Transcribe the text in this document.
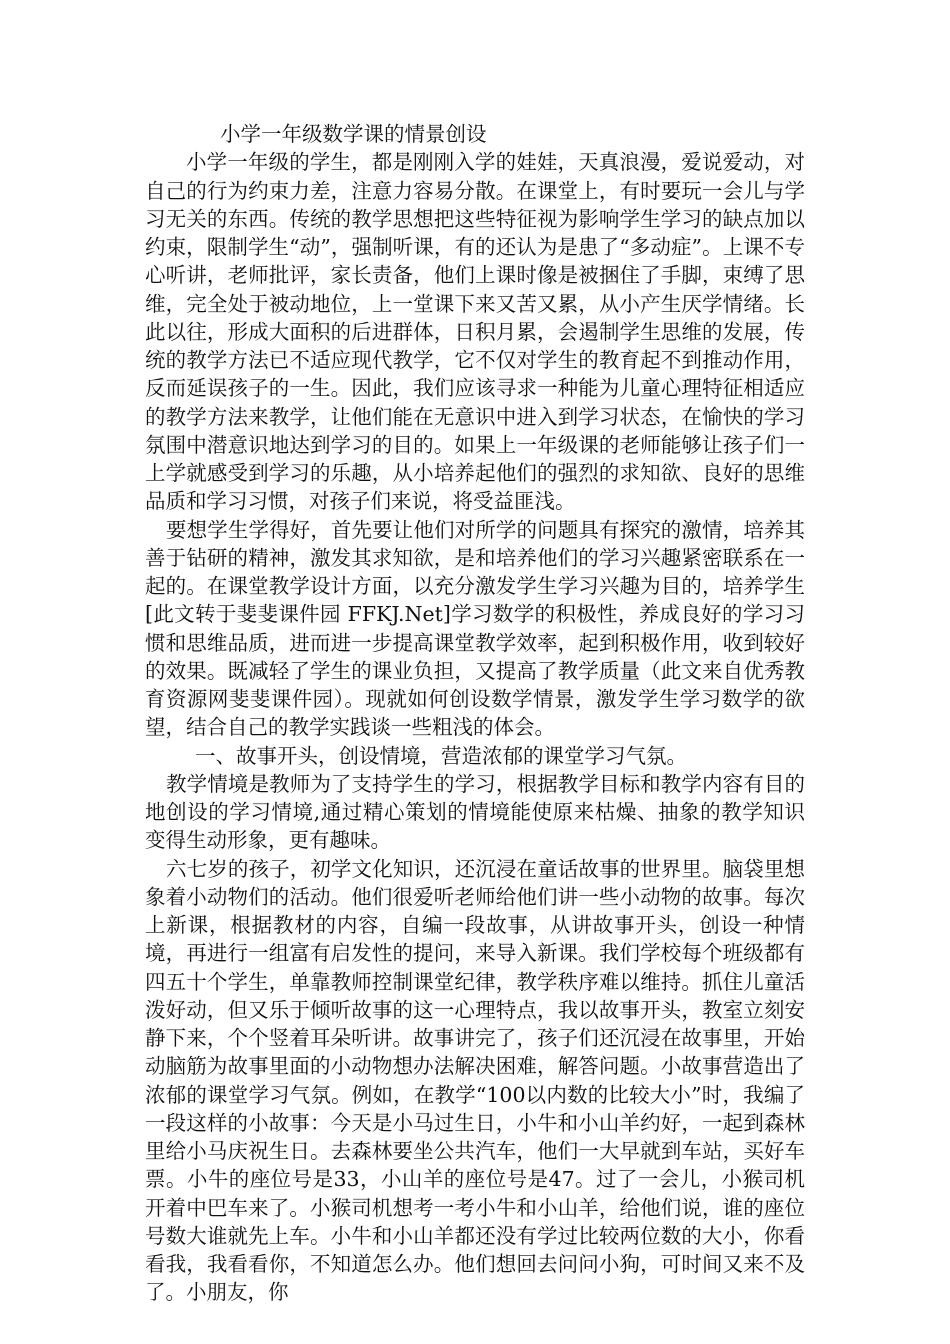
小学一年级数学课的情景创设

小学一年级的学生，都是刚刚入学的娃娃，天真浪漫，爱说爱动，对自己的行为约束力差，注意力容易分散。在课堂上，有时要玩一会儿与学习无关的东西。传统的教学思想把这些特征视为影响学生学习的缺点加以约束，限制学生“动”，强制听课，有的还认为是患了“多动症”。上课不专心听讲，老师批评，家长责备，他们上课时像是被捆住了手脚，束缚了思维，完全处于被动地位，上一堂课下来又苦又累，从小产生厌学情绪。长此以往，形成大面积的后进群体，日积月累，会遏制学生思维的发展，传统的教学方法已不适应现代教学，它不仅对学生的教育起不到推动作用，反而延误孩子的一生。因此，我们应该寻求一种能为儿童心理特征相适应的教学方法来教学，让他们能在无意识中进入到学习状态，在愉快的学习氛围中潜意识地达到学习的目的。如果上一年级课的老师能够让孩子们一上学就感受到学习的乐趣，从小培养起他们的强烈的求知欲、良好的思维品质和学习习惯，对孩子们来说，将受益匪浅。

要想学生学得好，首先要让他们对所学的问题具有探究的激情，培养其善于钻研的精神，激发其求知欲，是和培养他们的学习兴趣紧密联系在一起的。在课堂教学设计方面，以充分激发学生学习兴趣为目的，培养学生[此文转于斐斐课件园 FFKJ.Net]学习数学的积极性，养成良好的学习习惯和思维品质，进而进一步提高课堂教学效率，起到积极作用，收到较好的效果。既减轻了学生的课业负担，又提高了教学质量（此文来自优秀教育资源网斐斐课件园）。现就如何创设数学情景，激发学生学习数学的欲望，结合自己的教学实践谈一些粗浅的体会。

一、故事开头，创设情境，营造浓郁的课堂学习气氛。

教学情境是教师为了支持学生的学习，根据教学目标和教学内容有目的地创设的学习情境,通过精心策划的情境能使原来枯燥、抽象的教学知识变得生动形象，更有趣味。

六七岁的孩子，初学文化知识，还沉浸在童话故事的世界里。脑袋里想象着小动物们的活动。他们很爱听老师给他们讲一些小动物的故事。每次上新课，根据教材的内容，自编一段故事，从讲故事开头，创设一种情境，再进行一组富有启发性的提问，来导入新课。我们学校每个班级都有四五十个学生，单靠教师控制课堂纪律，教学秩序难以维持。抓住儿童活泼好动，但又乐于倾听故事的这一心理特点，我以故事开头，教室立刻安静下来，个个竖着耳朵听讲。故事讲完了，孩子们还沉浸在故事里，开始动脑筋为故事里面的小动物想办法解决困难，解答问题。小故事营造出了浓郁的课堂学习气氛。例如，在教学“100以内数的比较大小”时，我编了一段这样的小故事：今天是小马过生日，小牛和小山羊约好，一起到森林里给小马庆祝生日。去森林要坐公共汽车，他们一大早就到车站，买好车票。小牛的座位号是33，小山羊的座位号是47。过了一会儿，小猴司机开着中巴车来了。小猴司机想考一考小牛和小山羊，给他们说，谁的座位号数大谁就先上车。小牛和小山羊都还没有学过比较两位数的大小，你看看我，我看看你，不知道怎么办。他们想回去问问小狗，可时间又来不及了。小朋友，你
